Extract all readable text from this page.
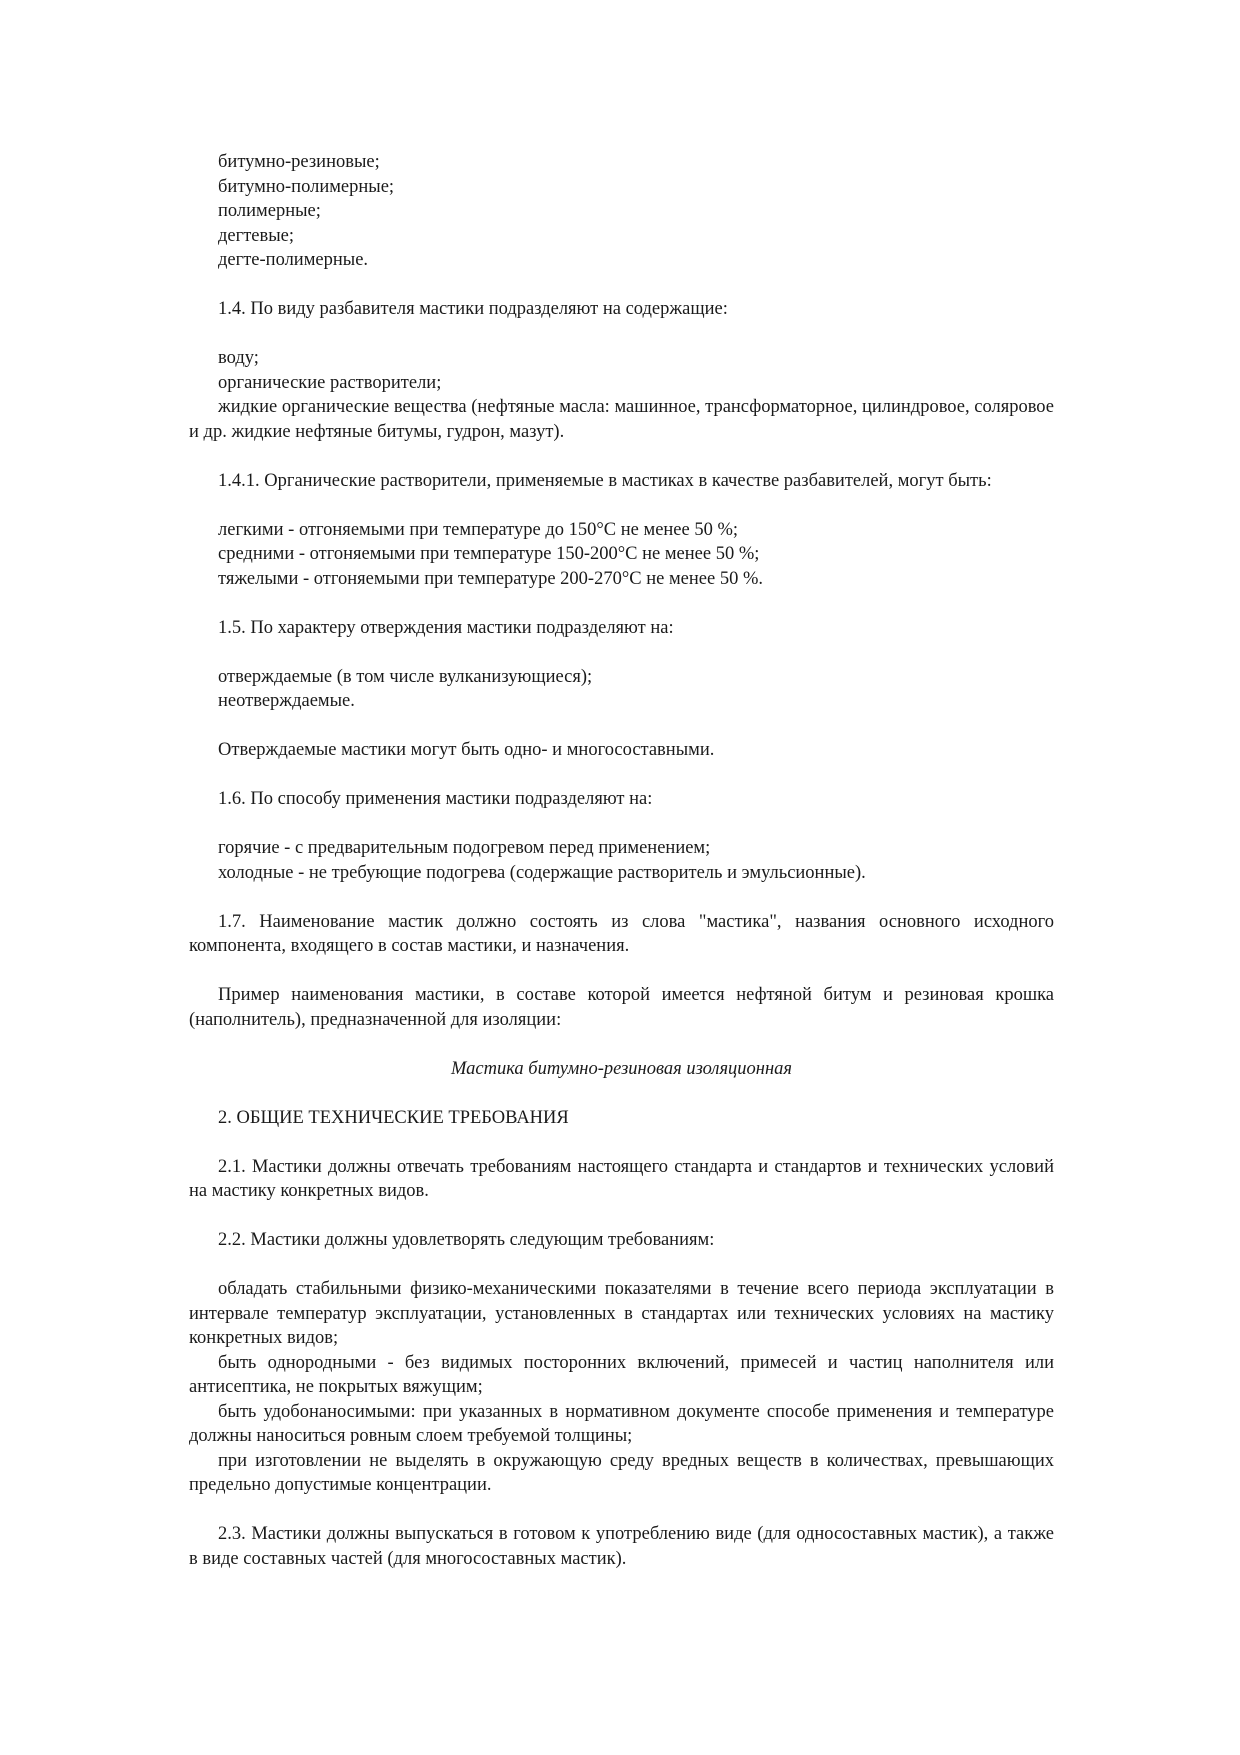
битумно-резиновые;

битумно-полимерные;

полимерные;

дегтевые;

дегте-полимерные.

1.4. По виду разбавителя мастики подразделяют на содержащие:

воду;

органические растворители;

жидкие органические вещества (нефтяные масла: машинное, трансформаторное, цилиндровое, соляровое и др. жидкие нефтяные битумы, гудрон, мазут).

1.4.1. Органические растворители, применяемые в мастиках в качестве разбавителей, могут быть:

легкими - отгоняемыми при температуре до 150°С не менее 50 %;

средними - отгоняемыми при температуре 150-200°С не менее 50 %;

тяжелыми - отгоняемыми при температуре 200-270°С не менее 50 %.

1.5. По характеру отверждения мастики подразделяют на:

отверждаемые (в том числе вулканизующиеся);

неотверждаемые.

Отверждаемые мастики могут быть одно- и многосоставными.

1.6. По способу применения мастики подразделяют на:

горячие - с предварительным подогревом перед применением;

холодные - не требующие подогрева (содержащие растворитель и эмульсионные).

1.7. Наименование мастик должно состоять из слова "мастика", названия основного исходного компонента, входящего в состав мастики, и назначения.

Пример наименования мастики, в составе которой имеется нефтяной битум и резиновая крошка (наполнитель), предназначенной для изоляции:

Мастика битумно-резиновая изоляционная

2. ОБЩИЕ ТЕХНИЧЕСКИЕ ТРЕБОВАНИЯ

2.1. Мастики должны отвечать требованиям настоящего стандарта и стандартов и технических условий на мастику конкретных видов.

2.2. Мастики должны удовлетворять следующим требованиям:

обладать стабильными физико-механическими показателями в течение всего периода эксплуатации в интервале температур эксплуатации, установленных в стандартах или технических условиях на мастику конкретных видов;

быть однородными - без видимых посторонних включений, примесей и частиц наполнителя или антисептика, не покрытых вяжущим;

быть удобонаносимыми: при указанных в нормативном документе способе применения и температуре должны наноситься ровным слоем требуемой толщины;

при изготовлении не выделять в окружающую среду вредных веществ в количествах, превышающих предельно допустимые концентрации.

2.3. Мастики должны выпускаться в готовом к употреблению виде (для односоставных мастик), а также в виде составных частей (для многосоставных мастик).
